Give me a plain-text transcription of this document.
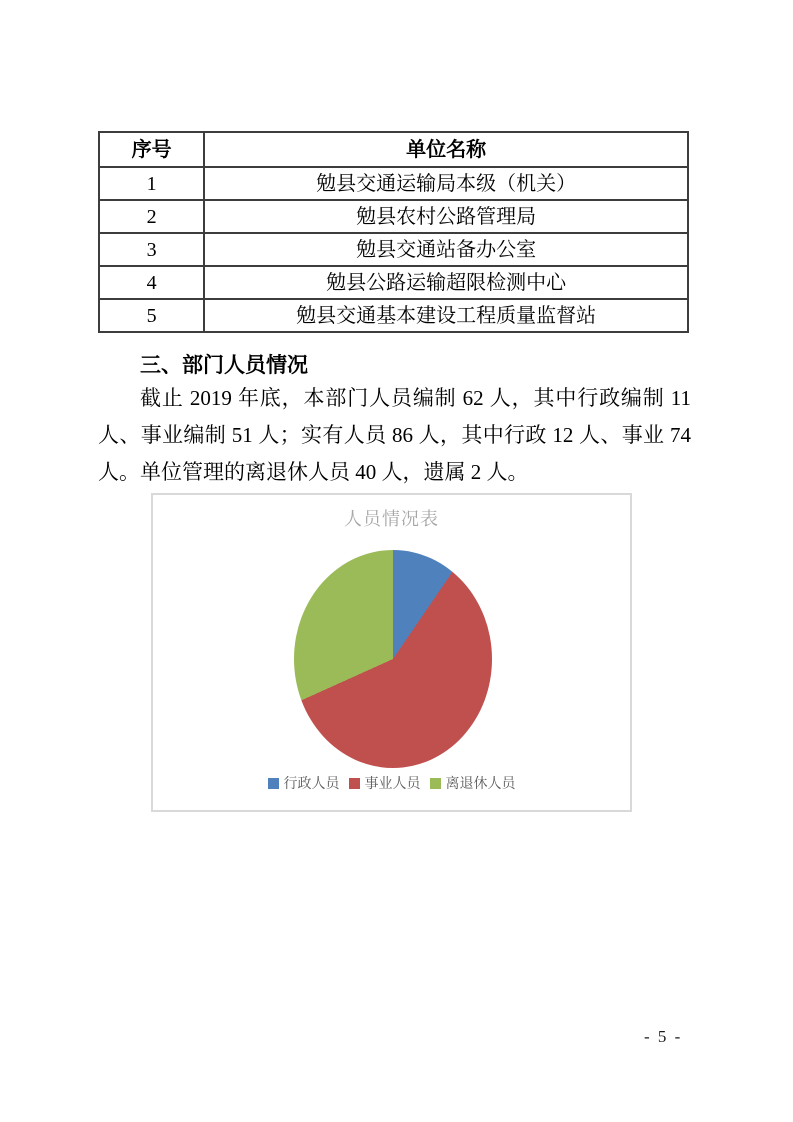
序号	单位名称
1	勉县交通运输局本级（机关）
2	勉县农村公路管理局
3	勉县交通站备办公室
4	勉县公路运输超限检测中心
5	勉县交通基本建设工程质量监督站
三、部门人员情况
截止 2019 年底，本部门人员编制 62 人，其中行政编制 11 人、事业编制 51 人；实有人员 86 人，其中行政 12 人、事业 74 人。单位管理的离退休人员 40 人，遗属 2 人。
人员情况表
行政人员 事业人员 离退休人员
- 5 -
